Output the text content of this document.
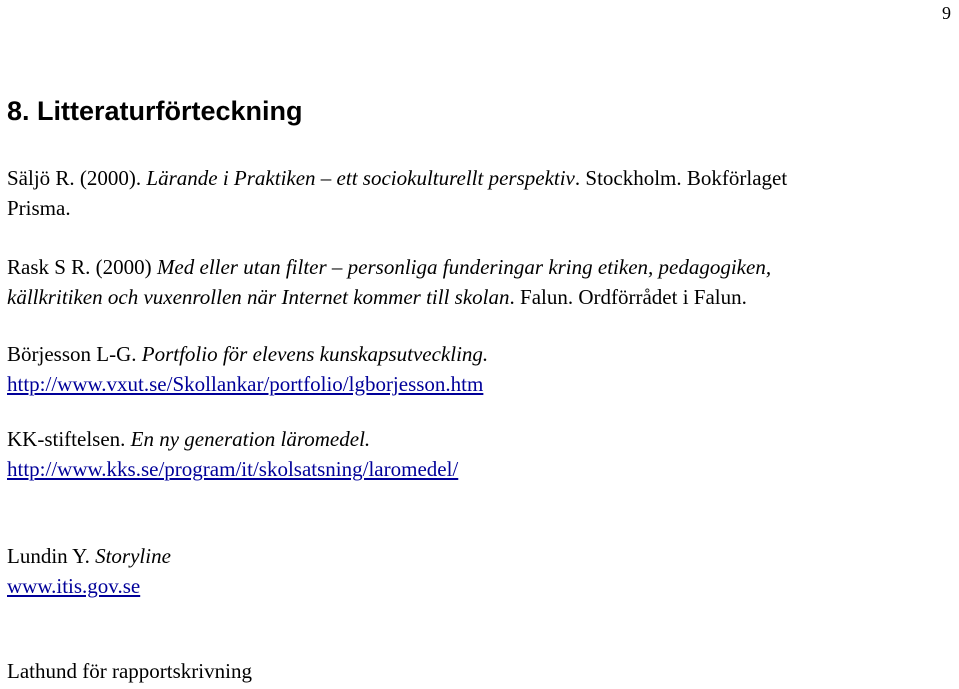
9
8. Litteraturförteckning
Säljö R. (2000). Lärande i Praktiken – ett sociokulturellt perspektiv. Stockholm. Bokförlaget
Prisma.
Rask S R. (2000) Med eller utan filter – personliga funderingar kring etiken, pedagogiken,
källkritiken och vuxenrollen när Internet kommer till skolan. Falun. Ordförrådet i Falun.
Börjesson L-G. Portfolio för elevens kunskapsutveckling.
http://www.vxut.se/Skollankar/portfolio/lgborjesson.htm
KK-stiftelsen. En ny generation läromedel.
http://www.kks.se/program/it/skolsatsning/laromedel/
Lundin Y. Storyline
www.itis.gov.se
Lathund för rapportskrivning
